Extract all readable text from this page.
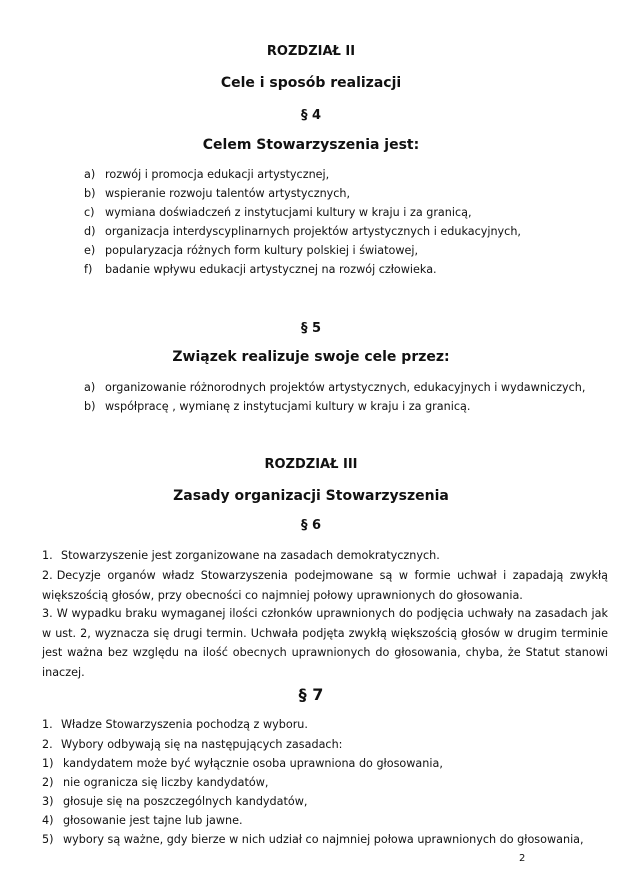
ROZDZIAŁ II
Cele i sposób realizacji
§ 4
Celem Stowarzyszenia jest:
a) rozwój i promocja edukacji artystycznej,
b) wspieranie rozwoju talentów artystycznych,
c) wymiana doświadczeń z instytucjami kultury w kraju i za granicą,
d) organizacja interdyscyplinarnych projektów artystycznych i edukacyjnych,
e) popularyzacja różnych form kultury polskiej i światowej,
f) badanie wpływu edukacji artystycznej na rozwój człowieka.
§ 5
Związek realizuje swoje cele przez:
a) organizowanie różnorodnych projektów artystycznych, edukacyjnych i wydawniczych,
b) współpracę , wymianę z instytucjami kultury w kraju i za granicą.
ROZDZIAŁ III
Zasady organizacji Stowarzyszenia
§ 6
1. Stowarzyszenie jest zorganizowane na zasadach demokratycznych.
2. Decyzje organów władz Stowarzyszenia podejmowane są w formie uchwał i zapadają zwykłą większością głosów, przy obecności co najmniej połowy uprawnionych do głosowania.
3. W wypadku braku wymaganej ilości członków uprawnionych do podjęcia uchwały na zasadach jak w ust. 2, wyznacza się drugi termin. Uchwała podjęta zwykłą większością głosów w drugim terminie jest ważna bez względu na ilość obecnych uprawnionych do głosowania, chyba, że Statut stanowi inaczej.
§ 7
1. Władze Stowarzyszenia pochodzą z wyboru.
2. Wybory odbywają się na następujących zasadach:
1) kandydatem może być wyłącznie osoba uprawniona do głosowania,
2) nie ogranicza się liczby kandydatów,
3) głosuje się na poszczególnych kandydatów,
4) głosowanie jest tajne lub jawne.
5) wybory są ważne, gdy bierze w nich udział co najmniej połowa uprawnionych do głosowania,
2
